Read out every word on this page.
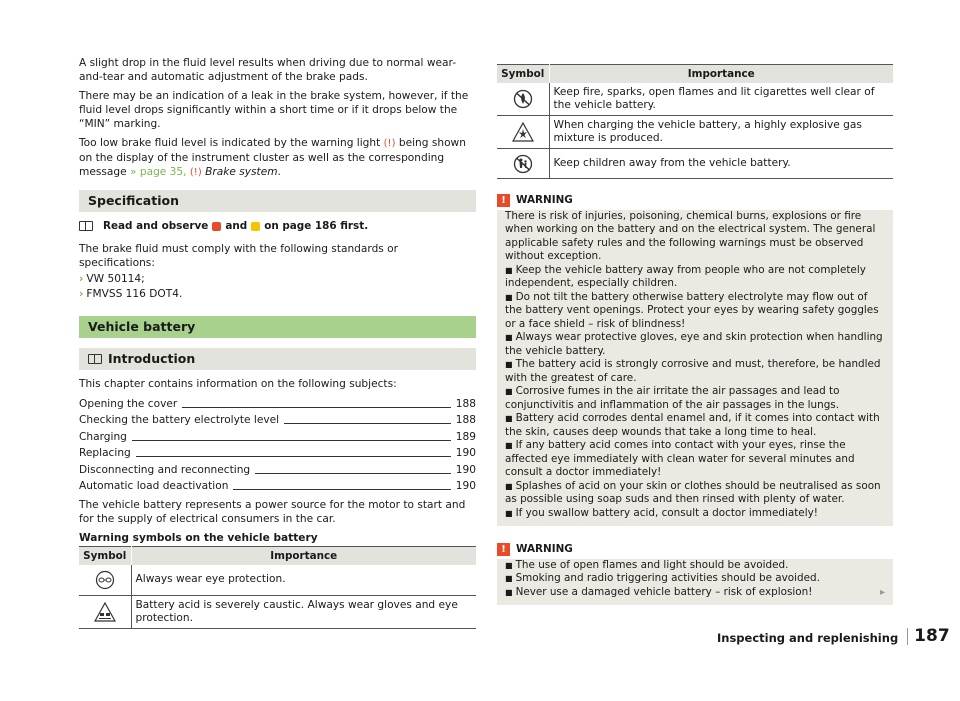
A slight drop in the fluid level results when driving due to normal wear-and-tear and automatic adjustment of the brake pads.

There may be an indication of a leak in the brake system, however, if the fluid level drops significantly within a short time or if it drops below the “MIN” marking.

Too low brake fluid level is indicated by the warning light (!) being shown on the display of the instrument cluster as well as the corresponding message » page 35, (!) Brake system.

Specification
Read and observe and on page 186 first.

The brake fluid must comply with the following standards or specifications:

› VW 50114;
› FMVSS 116 DOT4.
Vehicle battery
Introduction

This chapter contains information on the following subjects:

Opening the cover	188
Checking the battery electrolyte level	188
Charging	189
Replacing	190
Disconnecting and reconnecting	190
Automatic load deactivation	190

The vehicle battery represents a power source for the motor to start and for the supply of electrical consumers in the car.

Warning symbols on the vehicle battery
Symbol	Importance

	Always wear eye protection.

	Battery acid is severely caustic. Always wear gloves and eye protection.
Symbol	Importance

	Keep fire, sparks, open flames and lit cigarettes well clear of the vehicle battery.

	When charging the vehicle battery, a highly explosive gas mixture is produced.

	Keep children away from the vehicle battery.
! WARNING
There is risk of injuries, poisoning, chemical burns, explosions or fire when working on the battery and on the electrical system. The general applicable safety rules and the following warnings must be observed without exception.
■ Keep the vehicle battery away from people who are not completely independent, especially children.
■ Do not tilt the battery otherwise battery electrolyte may flow out of the battery vent openings. Protect your eyes by wearing safety goggles or a face shield – risk of blindness!
■ Always wear protective gloves, eye and skin protection when handling the vehicle battery.
■ The battery acid is strongly corrosive and must, therefore, be handled with the greatest of care.
■ Corrosive fumes in the air irritate the air passages and lead to conjunctivitis and inflammation of the air passages in the lungs.
■ Battery acid corrodes dental enamel and, if it comes into contact with the skin, causes deep wounds that take a long time to heal.
■ If any battery acid comes into contact with your eyes, rinse the affected eye immediately with clean water for several minutes and consult a doctor immediately!
■ Splashes of acid on your skin or clothes should be neutralised as soon as possible using soap suds and then rinsed with plenty of water.
■ If you swallow battery acid, consult a doctor immediately!
! WARNING
■ The use of open flames and light should be avoided.
■ Smoking and radio triggering activities should be avoided.
■ Never use a damaged vehicle battery – risk of explosion!	▸
Inspecting and replenishing 187
